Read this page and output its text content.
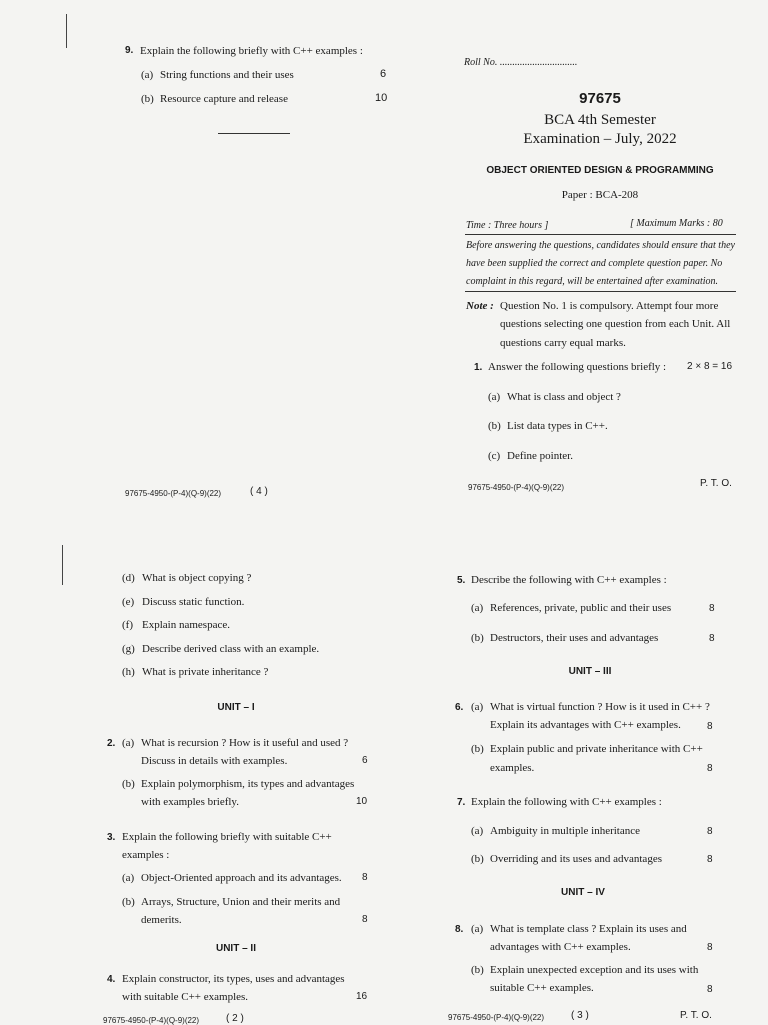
9. Explain the following briefly with C++ examples :
(a) String functions and their uses	6
(b) Resource capture and release	10
97675-4950-(P-4)(Q-9)(22)	( 4 )
Roll No. ...............................
97675
BCA 4th Semester
Examination – July, 2022
OBJECT ORIENTED DESIGN & PROGRAMMING
Paper : BCA-208
Time : Three hours ]	[ Maximum Marks : 80
Before answering the questions, candidates should ensure that they
have been supplied the correct and complete question paper. No
complaint in this regard, will be entertained after examination.
Note : Question No. 1 is compulsory. Attempt four more
questions selecting one question from each Unit. All
questions carry equal marks.
1. Answer the following questions briefly : 2 × 8 = 16
(a) What is class and object ?
(b) List data types in C++.
(c) Define pointer.
97675-4950-(P-4)(Q-9)(22)	P. T. O.
(d) What is object copying ?
(e) Discuss static function.
(f) Explain namespace.
(g) Describe derived class with an example.
(h) What is private inheritance ?
UNIT – I
2. (a) What is recursion ? How is it useful and used ?
Discuss in details with examples.	6
(b) Explain polymorphism, its types and advantages
with examples briefly.	10
3. Explain the following briefly with suitable C++
examples :
(a) Object-Oriented approach and its advantages. 8
(b) Arrays, Structure, Union and their merits and
demerits.	8
UNIT – II
4. Explain constructor, its types, uses and advantages
with suitable C++ examples.	16
97675-4950-(P-4)(Q-9)(22)	( 2 )
5. Describe the following with C++ examples :
(a) References, private, public and their uses	8
(b) Destructors, their uses and advantages	8
UNIT – III
6. (a) What is virtual function ? How is it used in C++ ?
Explain its advantages with C++ examples.	8
(b) Explain public and private inheritance with C++
examples.	8
7. Explain the following with C++ examples :
(a) Ambiguity in multiple inheritance	8
(b) Overriding and its uses and advantages	8
UNIT – IV
8. (a) What is template class ? Explain its uses and
advantages with C++ examples.	8
(b) Explain unexpected exception and its uses with
suitable C++ examples.	8
97675-4950-(P-4)(Q-9)(22)	( 3 )	P. T. O.
